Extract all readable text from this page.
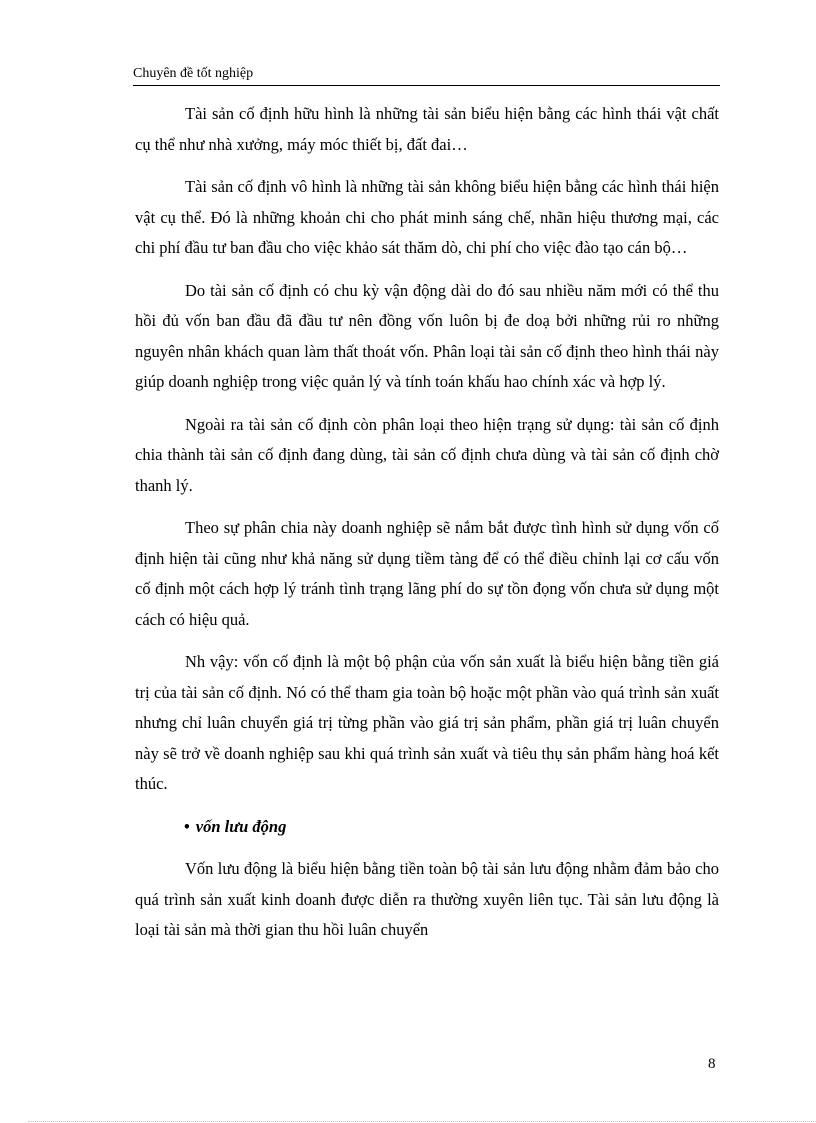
Chuyên đề tốt nghiệp

Tài sản cố định hữu hình là những tài sản biểu hiện bằng các hình thái vật chất cụ thể như nhà xưởng, máy móc thiết bị, đất đai…

Tài sản cố định vô hình là những tài sản không biểu hiện bằng các hình thái hiện vật cụ thể. Đó là những khoản chi cho phát minh sáng chế, nhãn hiệu thương mại, các chi phí đầu tư ban đầu cho việc khảo sát thăm dò, chi phí cho việc đào tạo cán bộ…

Do tài sản cố định có chu kỳ vận động dài do đó sau nhiều năm mới có thể thu hồi đủ vốn ban đầu đã đầu tư nên đồng vốn luôn bị đe doạ bởi những rủi ro những nguyên nhân khách quan làm thất thoát vốn. Phân loại tài sản cố định theo hình thái này giúp doanh nghiệp trong việc quản lý và tính toán khấu hao chính xác và hợp lý.

Ngoài ra tài sản cố định còn phân loại theo hiện trạng sử dụng: tài sản cố định chia thành tài sản cố định đang dùng, tài sản cố định chưa dùng và tài sản cố định chờ thanh lý.

Theo sự phân chia này doanh nghiệp sẽ nắm bắt được tình hình sử dụng vốn cố định hiện tài cũng như khả năng sử dụng tiềm tàng để có thể điều chỉnh lại cơ cấu vốn cố định một cách hợp lý tránh tình trạng lãng phí do sự tồn đọng vốn chưa sử dụng một cách có hiệu quả.

Nh vậy: vốn cố định là một bộ phận của vốn sản xuất là biểu hiện bằng tiền giá trị của tài sản cố định. Nó có thể tham gia toàn bộ hoặc một phần vào quá trình sản xuất nhưng chỉ luân chuyển giá trị từng phần vào giá trị sản phẩm, phần giá trị luân chuyển này sẽ trở về doanh nghiệp sau khi quá trình sản xuất và tiêu thụ sản phẩm hàng hoá kết thúc.

• vốn lưu động

Vốn lưu động là biểu hiện bằng tiền toàn bộ tài sản lưu động nhằm đảm bảo cho quá trình sản xuất kinh doanh được diễn ra thường xuyên liên tục. Tài sản lưu động là loại tài sản mà thời gian thu hồi luân chuyển

8
